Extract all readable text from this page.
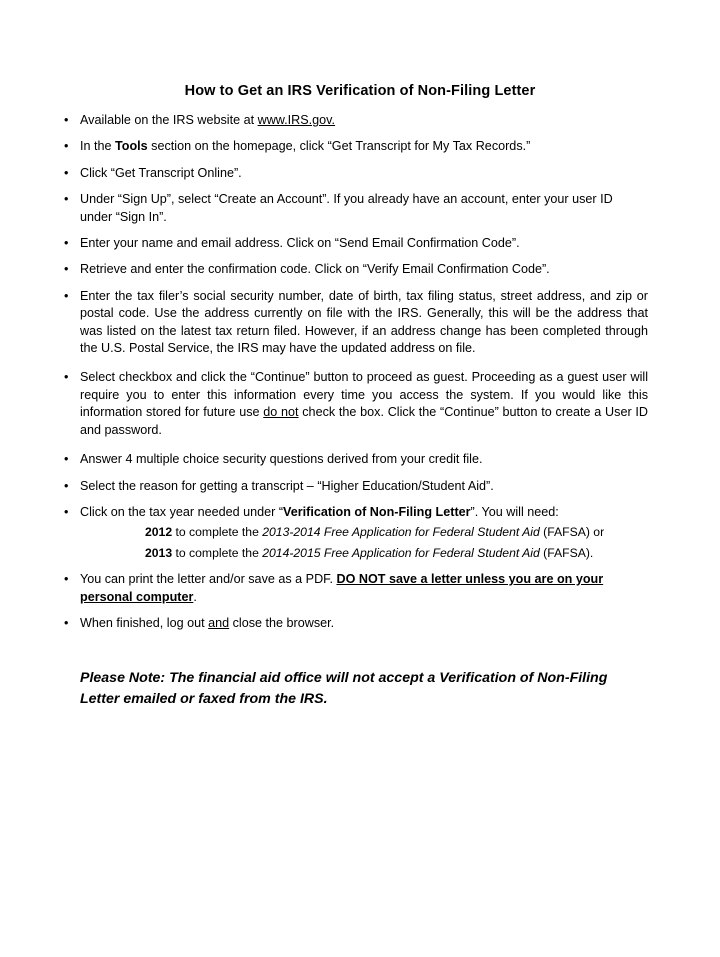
How to Get an IRS Verification of Non-Filing Letter
• Available on the IRS website at www.IRS.gov.
• In the Tools section on the homepage, click “Get Transcript for My Tax Records.”
• Click “Get Transcript Online”.
• Under “Sign Up”, select “Create an Account”. If you already have an account, enter your user ID under “Sign In”.
• Enter your name and email address. Click on “Send Email Confirmation Code”.
• Retrieve and enter the confirmation code. Click on “Verify Email Confirmation Code”.
• Enter the tax filer’s social security number, date of birth, tax filing status, street address, and zip or postal code. Use the address currently on file with the IRS. Generally, this will be the address that was listed on the latest tax return filed. However, if an address change has been completed through the U.S. Postal Service, the IRS may have the updated address on file.
• Select checkbox and click the “Continue” button to proceed as guest. Proceeding as a guest user will require you to enter this information every time you access the system. If you would like this information stored for future use do not check the box. Click the “Continue” button to create a User ID and password.
• Answer 4 multiple choice security questions derived from your credit file.
• Select the reason for getting a transcript – “Higher Education/Student Aid”.
• Click on the tax year needed under “Verification of Non-Filing Letter”. You will need:
2012 to complete the 2013-2014 Free Application for Federal Student Aid (FAFSA) or
2013 to complete the 2014-2015 Free Application for Federal Student Aid (FAFSA).
• You can print the letter and/or save as a PDF. DO NOT save a letter unless you are on your personal computer.
• When finished, log out and close the browser.
Please Note: The financial aid office will not accept a Verification of Non-Filing Letter emailed or faxed from the IRS.
